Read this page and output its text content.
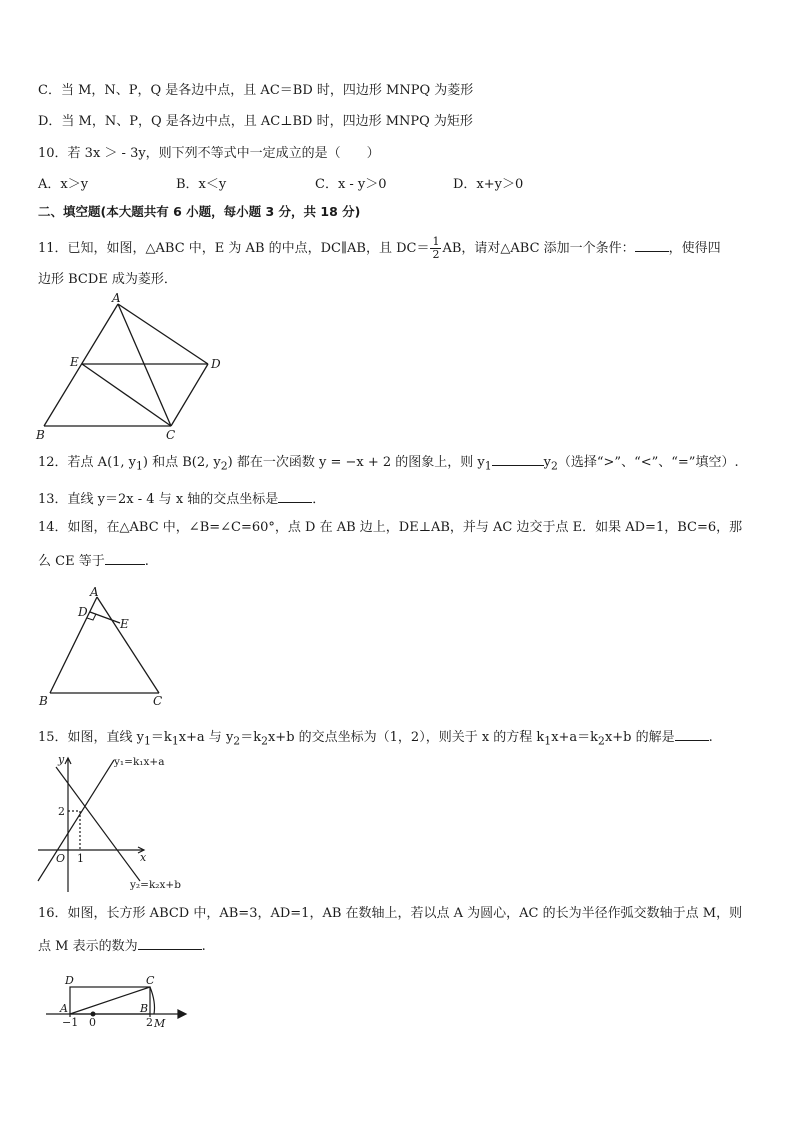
C．当 M，N、P，Q 是各边中点，且 AC＝BD 时，四边形 MNPQ 为菱形
D．当 M，N、P，Q 是各边中点，且 AC⊥BD 时，四边形 MNPQ 为矩形
10．若 3x ＞ - 3y，则下列不等式中一定成立的是（　　）
A．x＞y	B．x＜y	C．x - y＞0	D．x+y＞0
二、填空题(本大题共有 6 小题，每小题 3 分，共 18 分)
11．已知，如图，△ABC 中，E 为 AB 的中点，DC∥AB，且 $DC= \frac{1}{2}$ AB，请对△ABC 添加一个条件：	，使得四
边形 BCDE 成为菱形．
A
E	D
B	C
12．若点 A(1, $y_1$) 和点 B(2, $y_2$) 都在一次函数 y = −x + 2 的图象上，则 $y_1$	$y_2$（选择“>”、“<”、“=”填空）.
13．直线 y＝2x - 4 与 x 轴的交点坐标是	．
14．如图，在△ABC 中，∠B=∠C=60°，点 D 在 AB 边上，DE⊥AB，并与 AC 边交于点 E．如果 AD=1，BC=6，那
么 CE 等于	.
A
D
E
B	C
15．如图，直线 $y_1=k_1x+a$ 与 $y_2=k_2x+b$ 的交点坐标为（1，2），则关于 x 的方程 $k_1x+a=k_2x+b$ 的解是	.
y
x
O 1
2
y₁=k₁x+a
y₂=k₂x+b
16．如图，长方形 ABCD 中，AB=3，AD=1，AB 在数轴上，若以点 A 为圆心，AC 的长为半径作弧交数轴于点 M，则
点 M 表示的数为	.
D	C
A	B
−1 0	2 M
